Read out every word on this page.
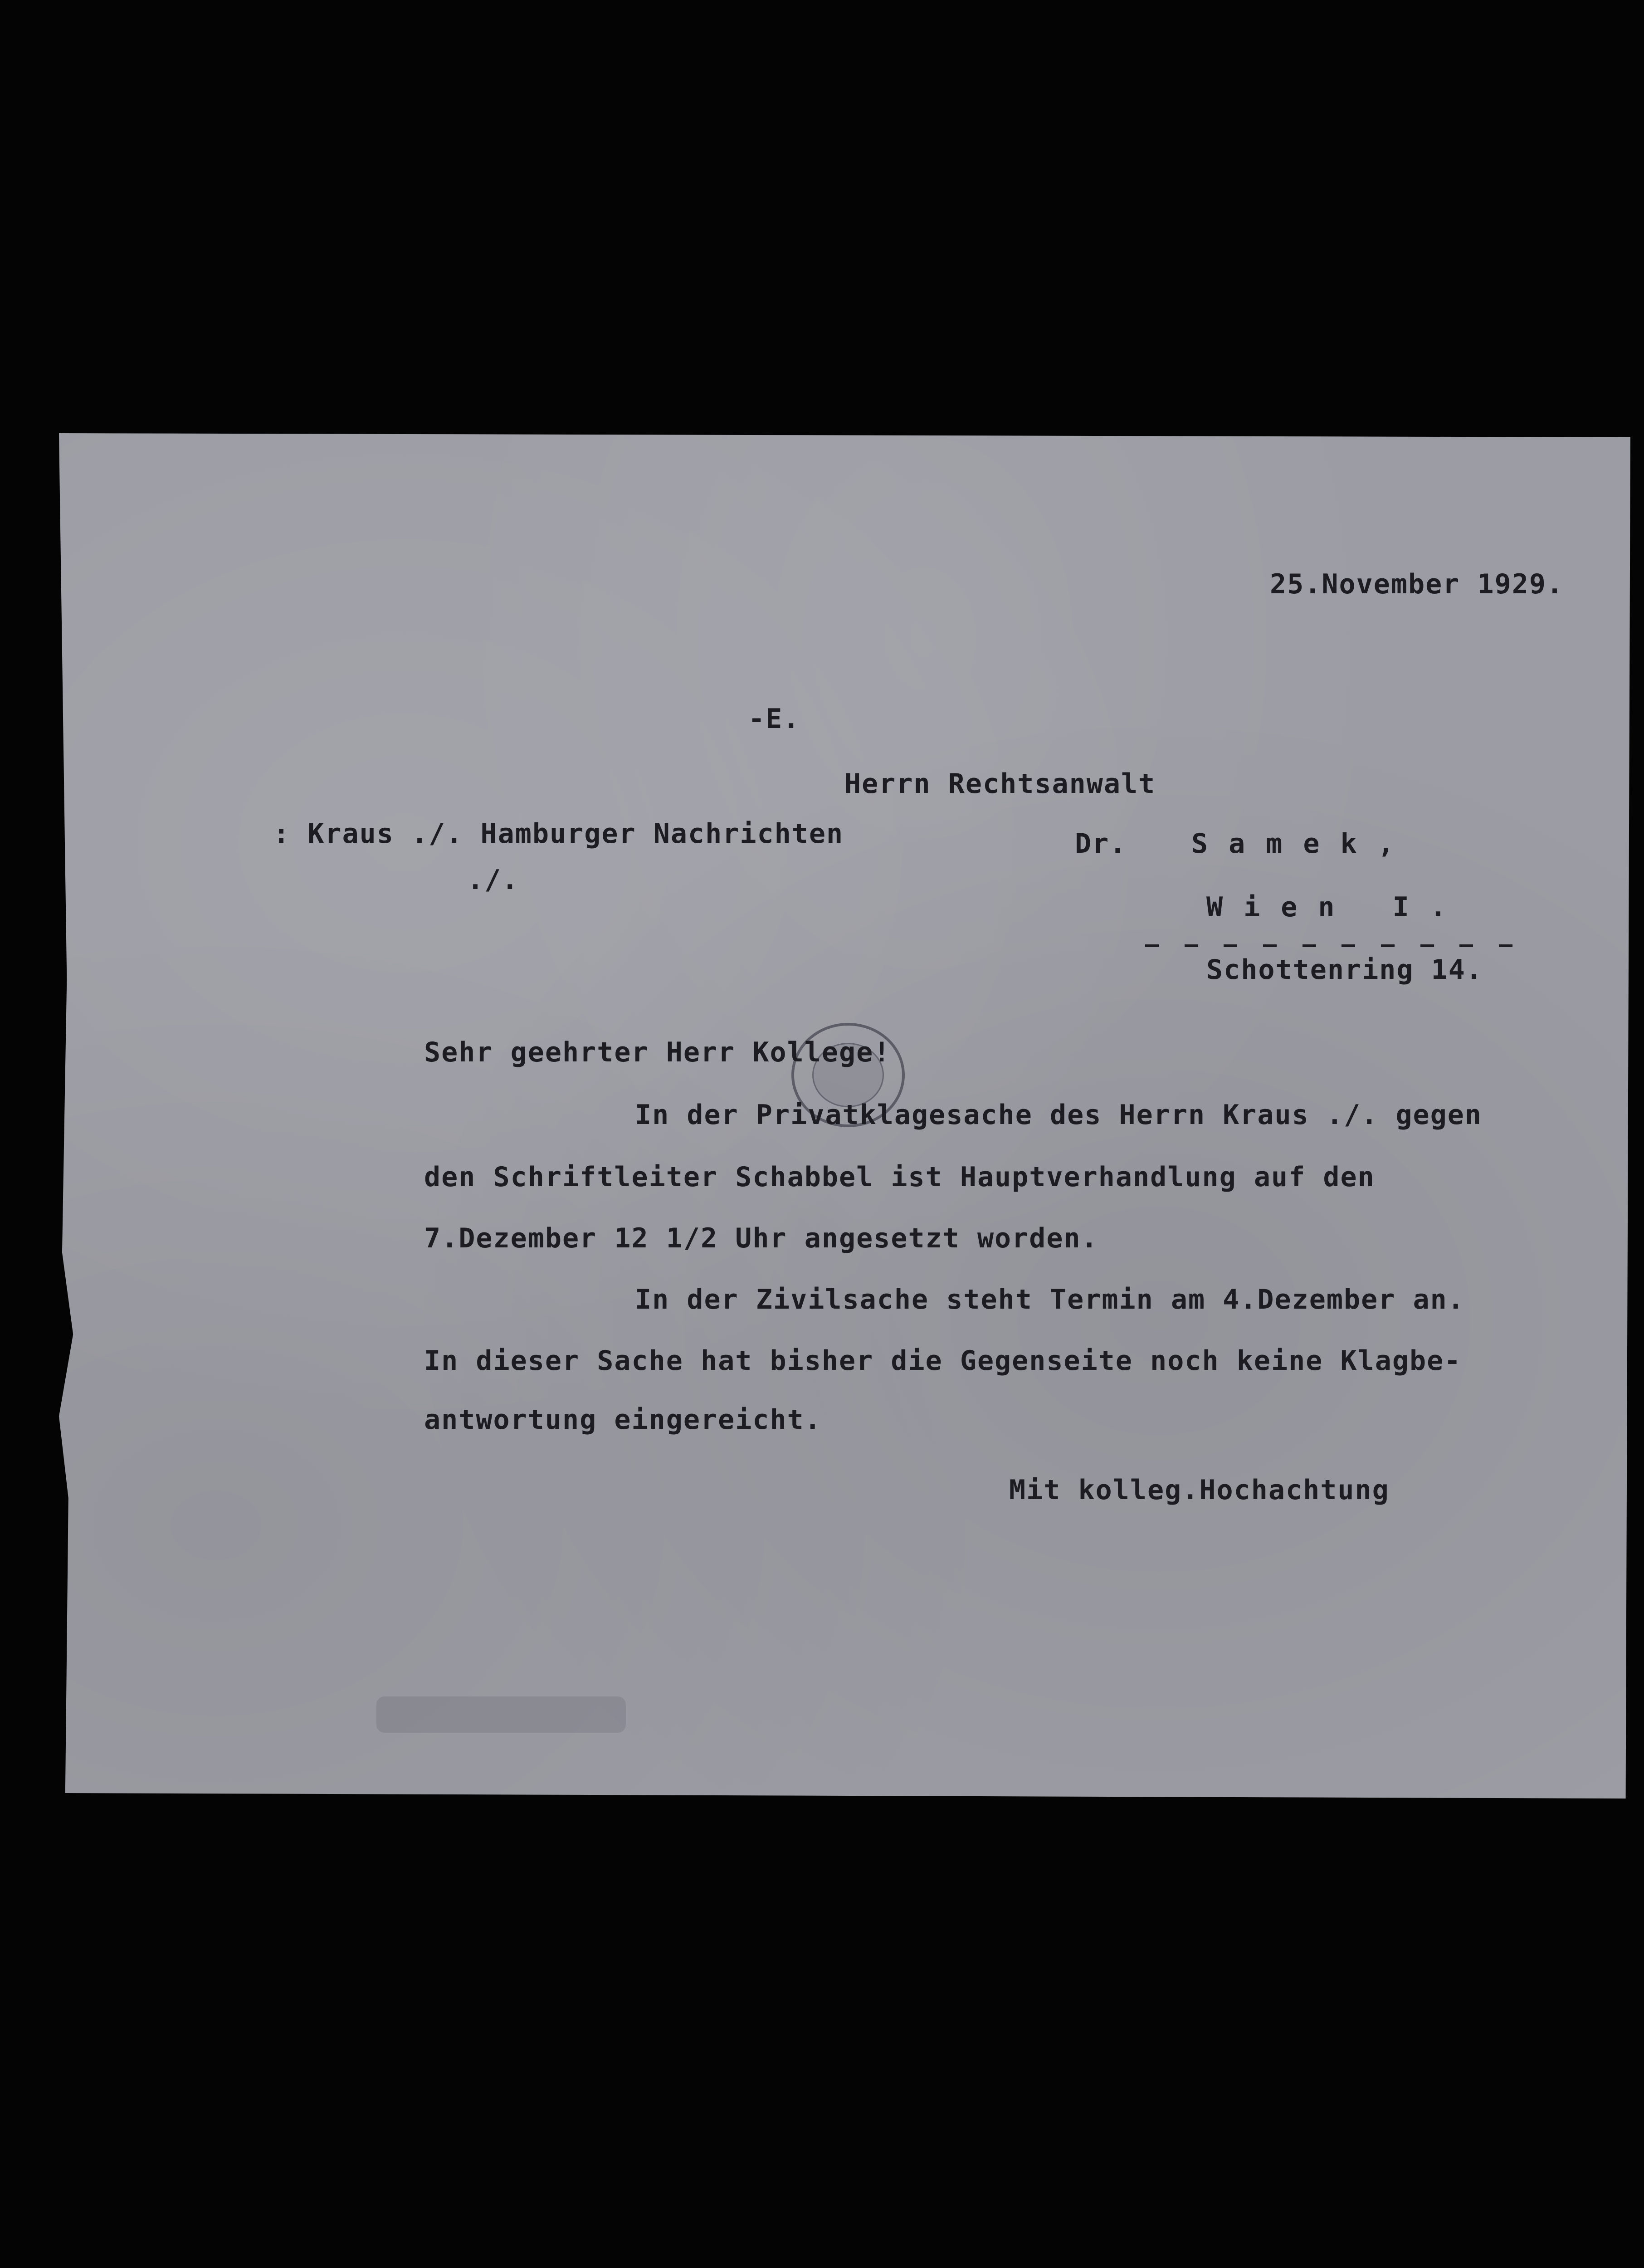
25.November 1929.

-E.

Herrn Rechtsanwalt

: Kraus ./. Hamburger Nachrichten	Dr. Samek,

./.

Wien I.

Schottenring 14.

Sehr geehrter Herr Kollege!

In der Privatklagesache des Herrn Kraus ./. gegen

den Schriftleiter Schabbel ist Hauptverhandlung auf den

7.Dezember 12 1/2 Uhr angesetzt worden.

In der Zivilsache steht Termin am 4.Dezember an.

In dieser Sache hat bisher die Gegenseite noch keine Klagbe-

antwortung eingereicht.

Mit kolleg.Hochachtung
